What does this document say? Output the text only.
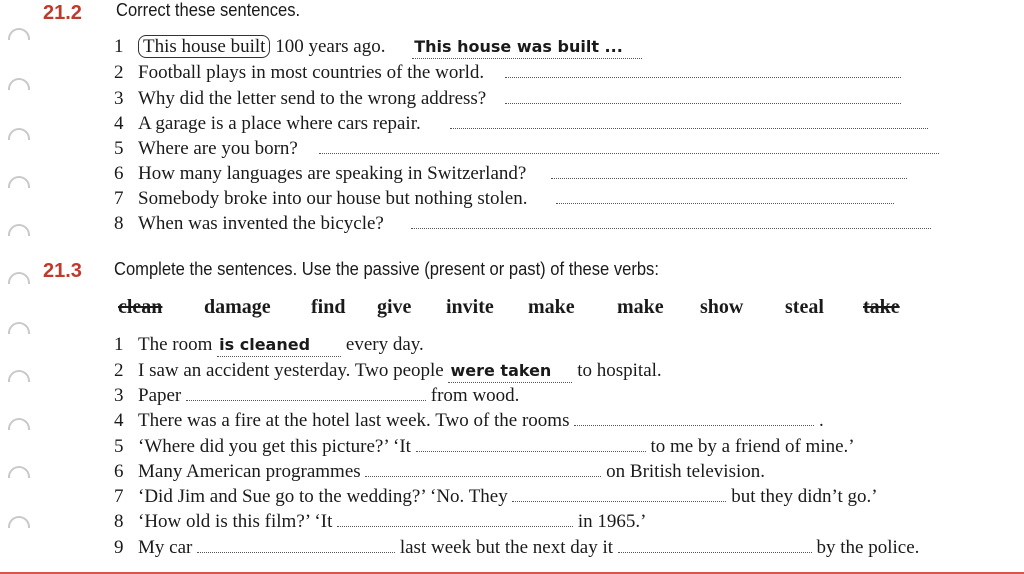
21.2 Correct these sentences.
1 This house built 100 years ago. This house was built ...
2 Football plays in most countries of the world.
3 Why did the letter send to the wrong address?
4 A garage is a place where cars repair.
5 Where are you born?
6 How many languages are speaking in Switzerland?
7 Somebody broke into our house but nothing stolen.
8 When was invented the bicycle?
21.3 Complete the sentences. Use the passive (present or past) of these verbs:
clean damage find give invite make make show steal take
1 The room is cleaned every day.
2 I saw an accident yesterday. Two people were taken to hospital.
3 Paper	from wood.
4 There was a fire at the hotel last week. Two of the rooms	.
5 ‘Where did you get this picture?’ ‘It	to me by a friend of mine.’
6 Many American programmes	on British television.
7 ‘Did Jim and Sue go to the wedding?’ ‘No. They	but they didn’t go.’
8 ‘How old is this film?’ ‘It	in 1965.’
9 My car	last week but the next day it	by the police.
